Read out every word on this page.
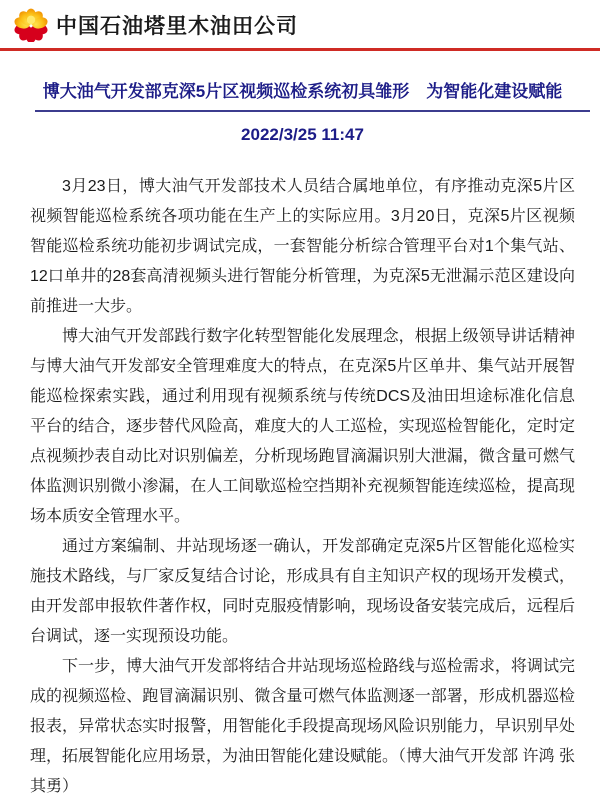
中国石油塔里木油田公司
博大油气开发部克深5片区视频巡检系统初具雏形　为智能化建设赋能
2022/3/25 11:47

3月23日，博大油气开发部技术人员结合属地单位，有序推动克深5片区视频智能巡检系统各项功能在生产上的实际应用。3月20日，克深5片区视频智能巡检系统功能初步调试完成，一套智能分析综合管理平台对1个集气站、12口单井的28套高清视频头进行智能分析管理，为克深5无泄漏示范区建设向前推进一大步。

博大油气开发部践行数字化转型智能化发展理念，根据上级领导讲话精神与博大油气开发部安全管理难度大的特点，在克深5片区单井、集气站开展智能巡检探索实践，通过利用现有视频系统与传统DCS及油田坦途标准化信息平台的结合，逐步替代风险高，难度大的人工巡检，实现巡检智能化，定时定点视频抄表自动比对识别偏差，分析现场跑冒滴漏识别大泄漏，微含量可燃气体监测识别微小渗漏，在人工间歇巡检空挡期补充视频智能连续巡检，提高现场本质安全管理水平。

通过方案编制、井站现场逐一确认，开发部确定克深5片区智能化巡检实施技术路线，与厂家反复结合讨论，形成具有自主知识产权的现场开发模式，由开发部申报软件著作权，同时克服疫情影响，现场设备安装完成后，远程后台调试，逐一实现预设功能。

下一步，博大油气开发部将结合井站现场巡检路线与巡检需求，将调试完成的视频巡检、跑冒滴漏识别、微含量可燃气体监测逐一部署，形成机器巡检报表，异常状态实时报警，用智能化手段提高现场风险识别能力，早识别早处理，拓展智能化应用场景，为油田智能化建设赋能。（博大油气开发部 许鸿 张其勇）
